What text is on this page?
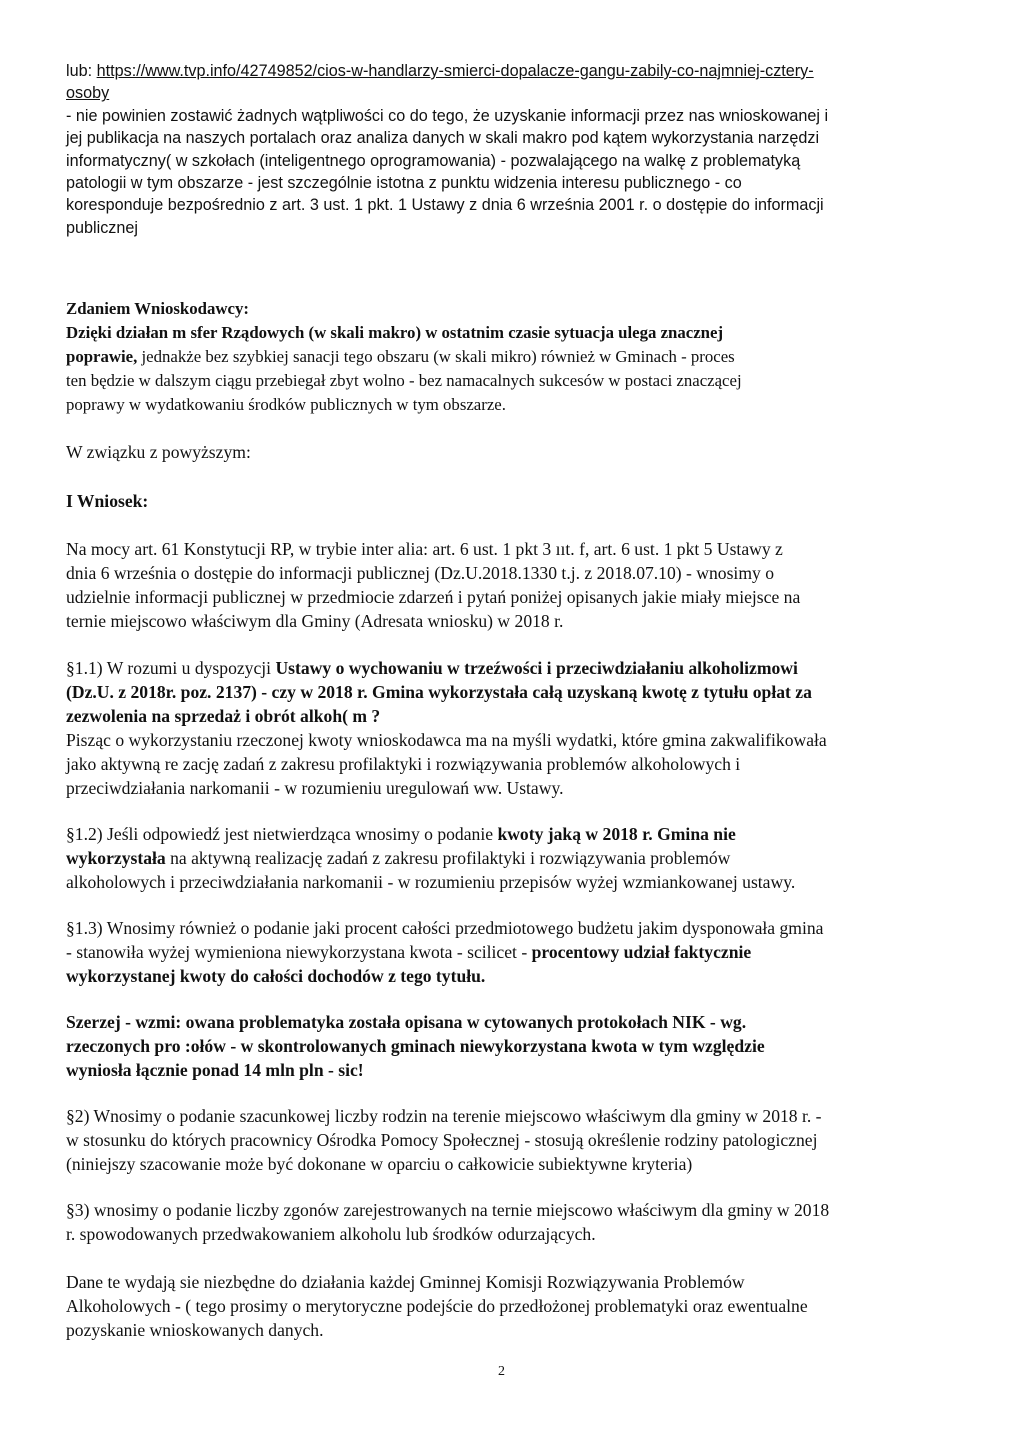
lub: https://www.tvp.info/42749852/cios-w-handlarzy-smierci-dopalacze-gangu-zabily-co-najmniej-cztery-
osoby
- nie powinien zostawić żadnych wątpliwości co do tego, że uzyskanie informacji przez nas wnioskowanej i
jej publikacja na naszych portalach oraz analiza danych w skali makro pod kątem wykorzystania narzędzi
informatyczny( w szkołach (inteligentnego oprogramowania) - pozwalającego na walkę z problematyką
patologii w tym obszarze - jest szczególnie istotna z punktu widzenia interesu publicznego - co
koresponduje bezpośrednio z art. 3 ust. 1 pkt. 1 Ustawy z dnia 6 września 2001 r. o dostępie do informacji
publicznej
Zdaniem Wnioskodawcy:
Dzięki działan m sfer Rządowych (w skali makro) w ostatnim czasie sytuacja ulega znacznej
poprawie, jednakże bez szybkiej sanacji tego obszaru (w skali mikro) również w Gminach - proces
ten będzie w dalszym ciągu przebiegał zbyt wolno - bez namacalnych sukcesów w postaci znaczącej
poprawy w wydatkowaniu środków publicznych w tym obszarze.
W związku z powyższym:
I Wniosek:
Na mocy art. 61 Konstytucji RP, w trybie inter alia: art. 6 ust. 1 pkt 3 ııt. f, art. 6 ust. 1 pkt 5 Ustawy z
dnia 6 września o dostępie do informacji publicznej (Dz.U.2018.1330 t.j. z 2018.07.10) - wnosimy o
udzielnie informacji publicznej w przedmiocie zdarzeń i pytań poniżej opisanych jakie miały miejsce na
ternie miejscowo właściwym dla Gminy (Adresata wniosku) w 2018 r.
§1.1) W rozumi u dyspozycji Ustawy o wychowaniu w trzeźwości i przeciwdziałaniu alkoholizmowi
(Dz.U. z 2018r. poz. 2137) - czy w 2018 r. Gmina wykorzystała całą uzyskaną kwotę z tytułu opłat za
zezwolenia na sprzedaż i obrót alkoh( m ?
Pisząc o wykorzystaniu rzeczonej kwoty wnioskodawca ma na myśli wydatki, które gmina zakwalifikowała
jako aktywną re zację zadań z zakresu profilaktyki i rozwiązywania problemów alkoholowych i
przeciwdziałania narkomanii - w rozumieniu uregulowań ww. Ustawy.
§1.2) Jeśli odpowiedź jest nietwierdząca wnosimy o podanie kwoty jaką w 2018 r. Gmina nie
wykorzystała na aktywną realizację zadań z zakresu profilaktyki i rozwiązywania problemów
alkoholowych i przeciwdziałania narkomanii - w rozumieniu przepisów wyżej wzmiankowanej ustawy.
§1.3) Wnosimy również o podanie jaki procent całości przedmiotowego budżetu jakim dysponowała gmina
- stanowiła wyżej wymieniona niewykorzystana kwota - scilicet - procentowy udział faktycznie
wykorzystanej kwoty do całości dochodów z tego tytułu.
Szerzej - wzmi: owana problematyka została opisana w cytowanych protokołach NIK - wg.
rzeczonych pro :ołów - w skontrolowanych gminach niewykorzystana kwota w tym względzie
wyniosła łącznie ponad 14 mln pln - sic!
§2) Wnosimy o podanie szacunkowej liczby rodzin na terenie miejscowo właściwym dla gminy w 2018 r. -
w stosunku do których pracownicy Ośrodka Pomocy Społecznej - stosują określenie rodziny patologicznej
(niniejszy szacowanie może być dokonane w oparciu o całkowicie subiektywne kryteria)
§3) wnosimy o podanie liczby zgonów zarejestrowanych na ternie miejscowo właściwym dla gminy w 2018
r. spowodowanych przedwakowaniem alkoholu lub środków odurzających.
Dane te wydają sie niezbędne do działania każdej Gminnej Komisji Rozwiązywania Problemów
Alkoholowych - ( tego prosimy o merytoryczne podejście do przedłożonej problematyki oraz ewentualne
pozyskanie wnioskowanych danych.
2
